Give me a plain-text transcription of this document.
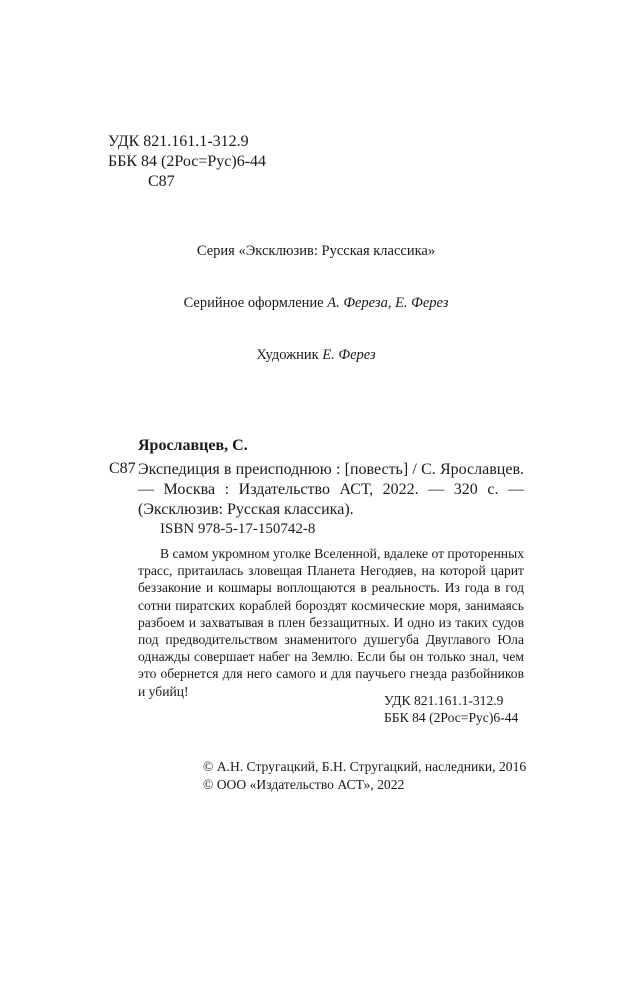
УДК 821.161.1-312.9
ББК 84 (2Рос=Рус)6-44
С87
Серия «Эксклюзив: Русская классика»
Серийное оформление А. Фереза, Е. Ферез
Художник Е. Ферез
Ярославцев, С.
С87 Экспедиция в преисподнюю : [повесть] / С. Ярославцев. — Москва : Издательство АСТ, 2022. — 320 с. — (Эксклюзив: Русская классика).
ISBN 978-5-17-150742-8

В самом укромном уголке Вселенной, вдалеке от проторенных трасс, притаилась зловещая Планета Негодяев, на которой царит беззаконие и кошмары воплощаются в реальность. Из года в год сотни пиратских кораблей бороздят космические моря, занимаясь разбоем и захватывая в плен беззащитных. И одно из таких судов под предводительством знаменитого душегуба Двуглавого Юла однажды совершает набег на Землю. Если бы он только знал, чем это обернется для него самого и для паучьего гнезда разбойников и убийц!

УДК 821.161.1-312.9
ББК 84 (2Рос=Рус)6-44
© А.Н. Стругацкий, Б.Н. Стругацкий, наследники, 2016
© ООО «Издательство АСТ», 2022
